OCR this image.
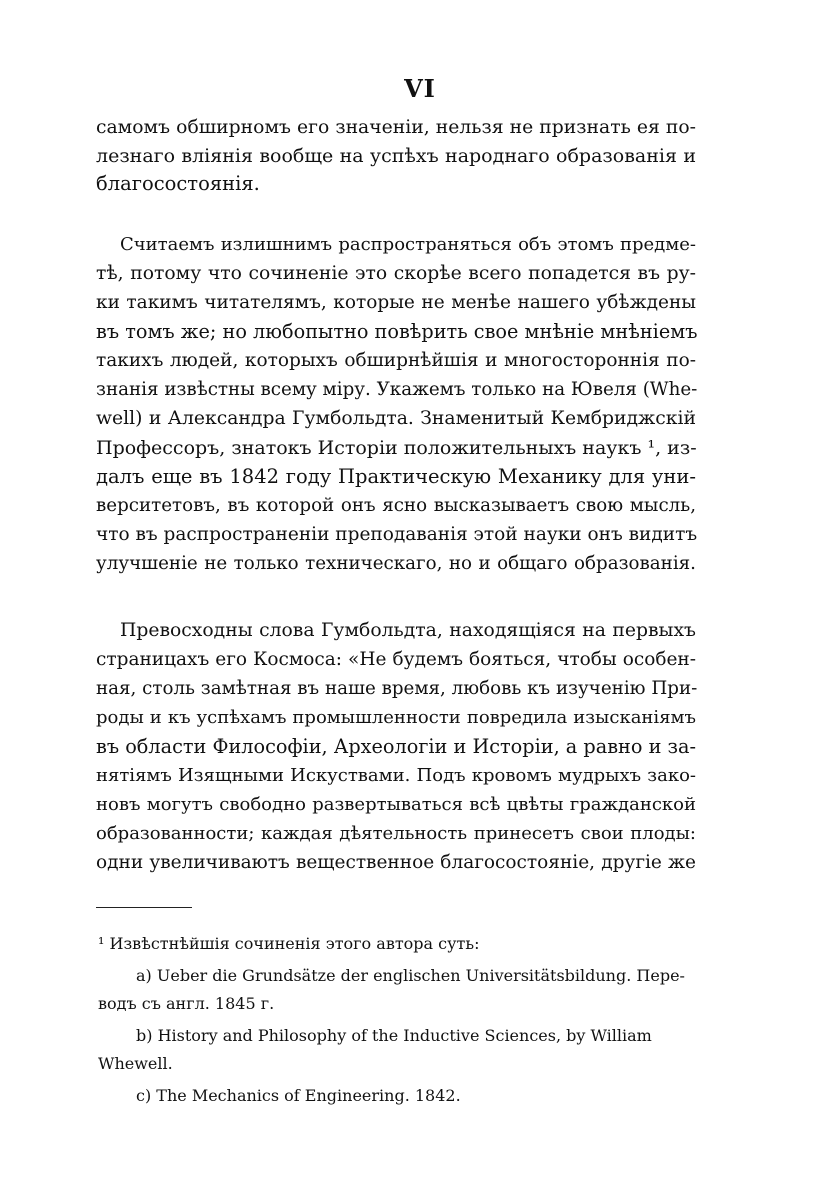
VI
самомъ обширномъ его значеніи, нельзя не признать ея по-
лезнаго вліянія вообще на успѣхъ народнаго образованія и
благосостоянія.
Считаемъ излишнимъ распространяться объ этомъ предме-
тѣ, потому что сочиненіе это скорѣе всего попадется въ ру-
ки такимъ читателямъ, которые не менѣе нашего убѣждены
въ томъ же; но любопытно повѣрить свое мнѣніе мнѣніемъ
такихъ людей, которыхъ обширнѣйшія и многостороннія по-
знанія извѣстны всему міру. Укажемъ только на Ювеля (Whe-
well) и Александра Гумбольдта. Знаменитый Кембриджскій
Профессоръ, знатокъ Исторіи положительныхъ наукъ ¹, из-
далъ еще въ 1842 году Практическую Механику для уни-
верситетовъ, въ которой онъ ясно высказываетъ свою мысль,
что въ распространеніи преподаванія этой науки онъ видитъ
улучшеніе не только техническаго, но и общаго образованія.
Превосходны слова Гумбольдта, находящіяся на первыхъ
страницахъ его Космоса: «Не будемъ бояться, чтобы особен-
ная, столь замѣтная въ наше время, любовь къ изученію При-
роды и къ успѣхамъ промышленности повредила изысканіямъ
въ области Философіи, Археологіи и Исторіи, а равно и за-
нятіямъ Изящными Искуствами. Подъ кровомъ мудрыхъ зако-
новъ могутъ свободно развертываться всѣ цвѣты гражданской
образованности; каждая дѣятельность принесетъ свои плоды:
одни увеличиваютъ вещественное благосостояніе, другіе же
¹ Извѣстнѣйшія сочиненія этого автора суть:
a) Ueber die Grundsätze der englischen Universitätsbildung. Пере-
водъ съ англ. 1845 г.
b) History and Philosophy of the Inductive Sciences, by William
Whewell.
c) The Mechanics of Engineering. 1842.
